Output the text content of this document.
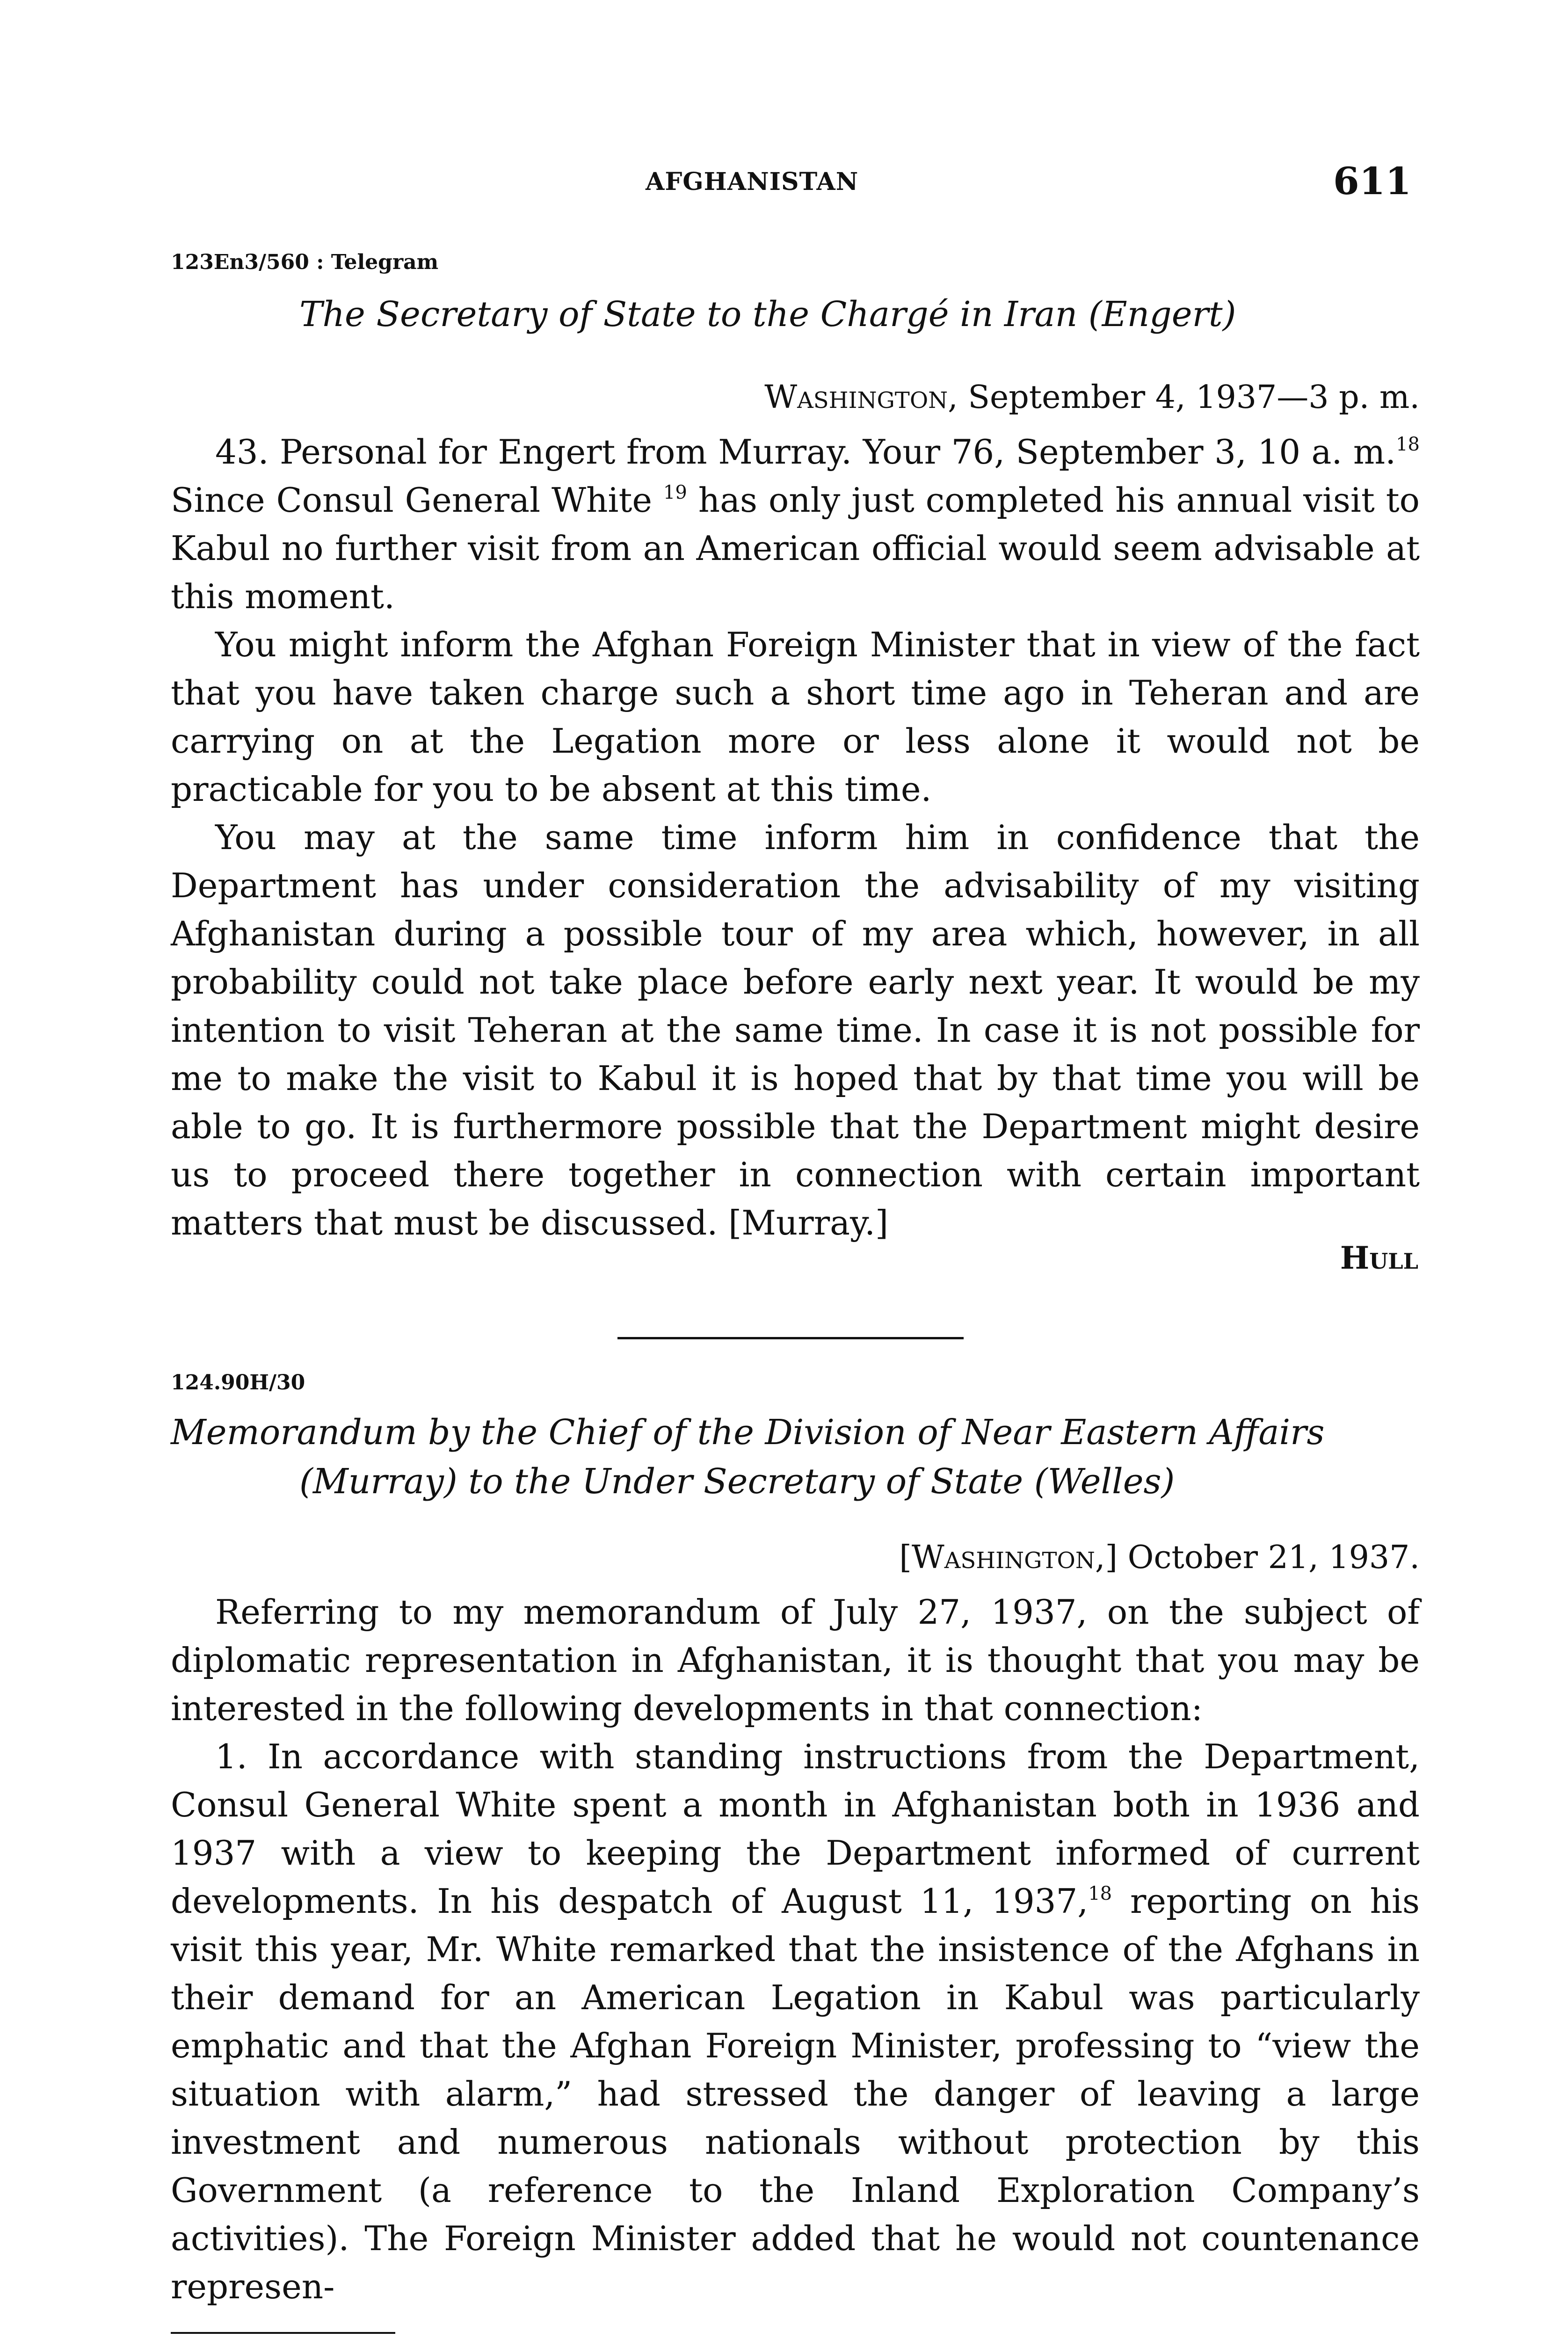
AFGHANISTAN	611
123En3/560 : Telegram
The Secretary of State to the Chargé in Iran (Engert)
Washington, September 4, 1937—3 p. m.

43. Personal for Engert from Murray. Your 76, September 3, 10 a. m.$^{18}$ Since Consul General White $^{19}$ has only just completed his annual visit to Kabul no further visit from an American official would seem advisable at this moment.

You might inform the Afghan Foreign Minister that in view of the fact that you have taken charge such a short time ago in Teheran and are carrying on at the Legation more or less alone it would not be practicable for you to be absent at this time.

You may at the same time inform him in confidence that the Department has under consideration the advisability of my visiting Afghanistan during a possible tour of my area which, however, in all probability could not take place before early next year. It would be my intention to visit Teheran at the same time. In case it is not possible for me to make the visit to Kabul it is hoped that by that time you will be able to go. It is furthermore possible that the Department might desire us to proceed there together in connection with certain important matters that must be discussed. [Murray.]

Hull
124.90H/30
Memorandum by the Chief of the Division of Near Eastern Affairs
(Murray) to the Under Secretary of State (Welles)
[Washington,] October 21, 1937.

Referring to my memorandum of July 27, 1937, on the subject of diplomatic representation in Afghanistan, it is thought that you may be interested in the following developments in that connection:

1. In accordance with standing instructions from the Department, Consul General White spent a month in Afghanistan both in 1936 and 1937 with a view to keeping the Department informed of current developments. In his despatch of August 11, 1937,18 reporting on his visit this year, Mr. White remarked that the insistence of the Afghans in their demand for an American Legation in Kabul was particularly emphatic and that the Afghan Foreign Minister, professing to “view the situation with alarm,” had stressed the danger of leaving a large investment and numerous nationals without protection by this Government (a reference to the Inland Exploration Company’s activities). The Foreign Minister added that he would not countenance represen-
